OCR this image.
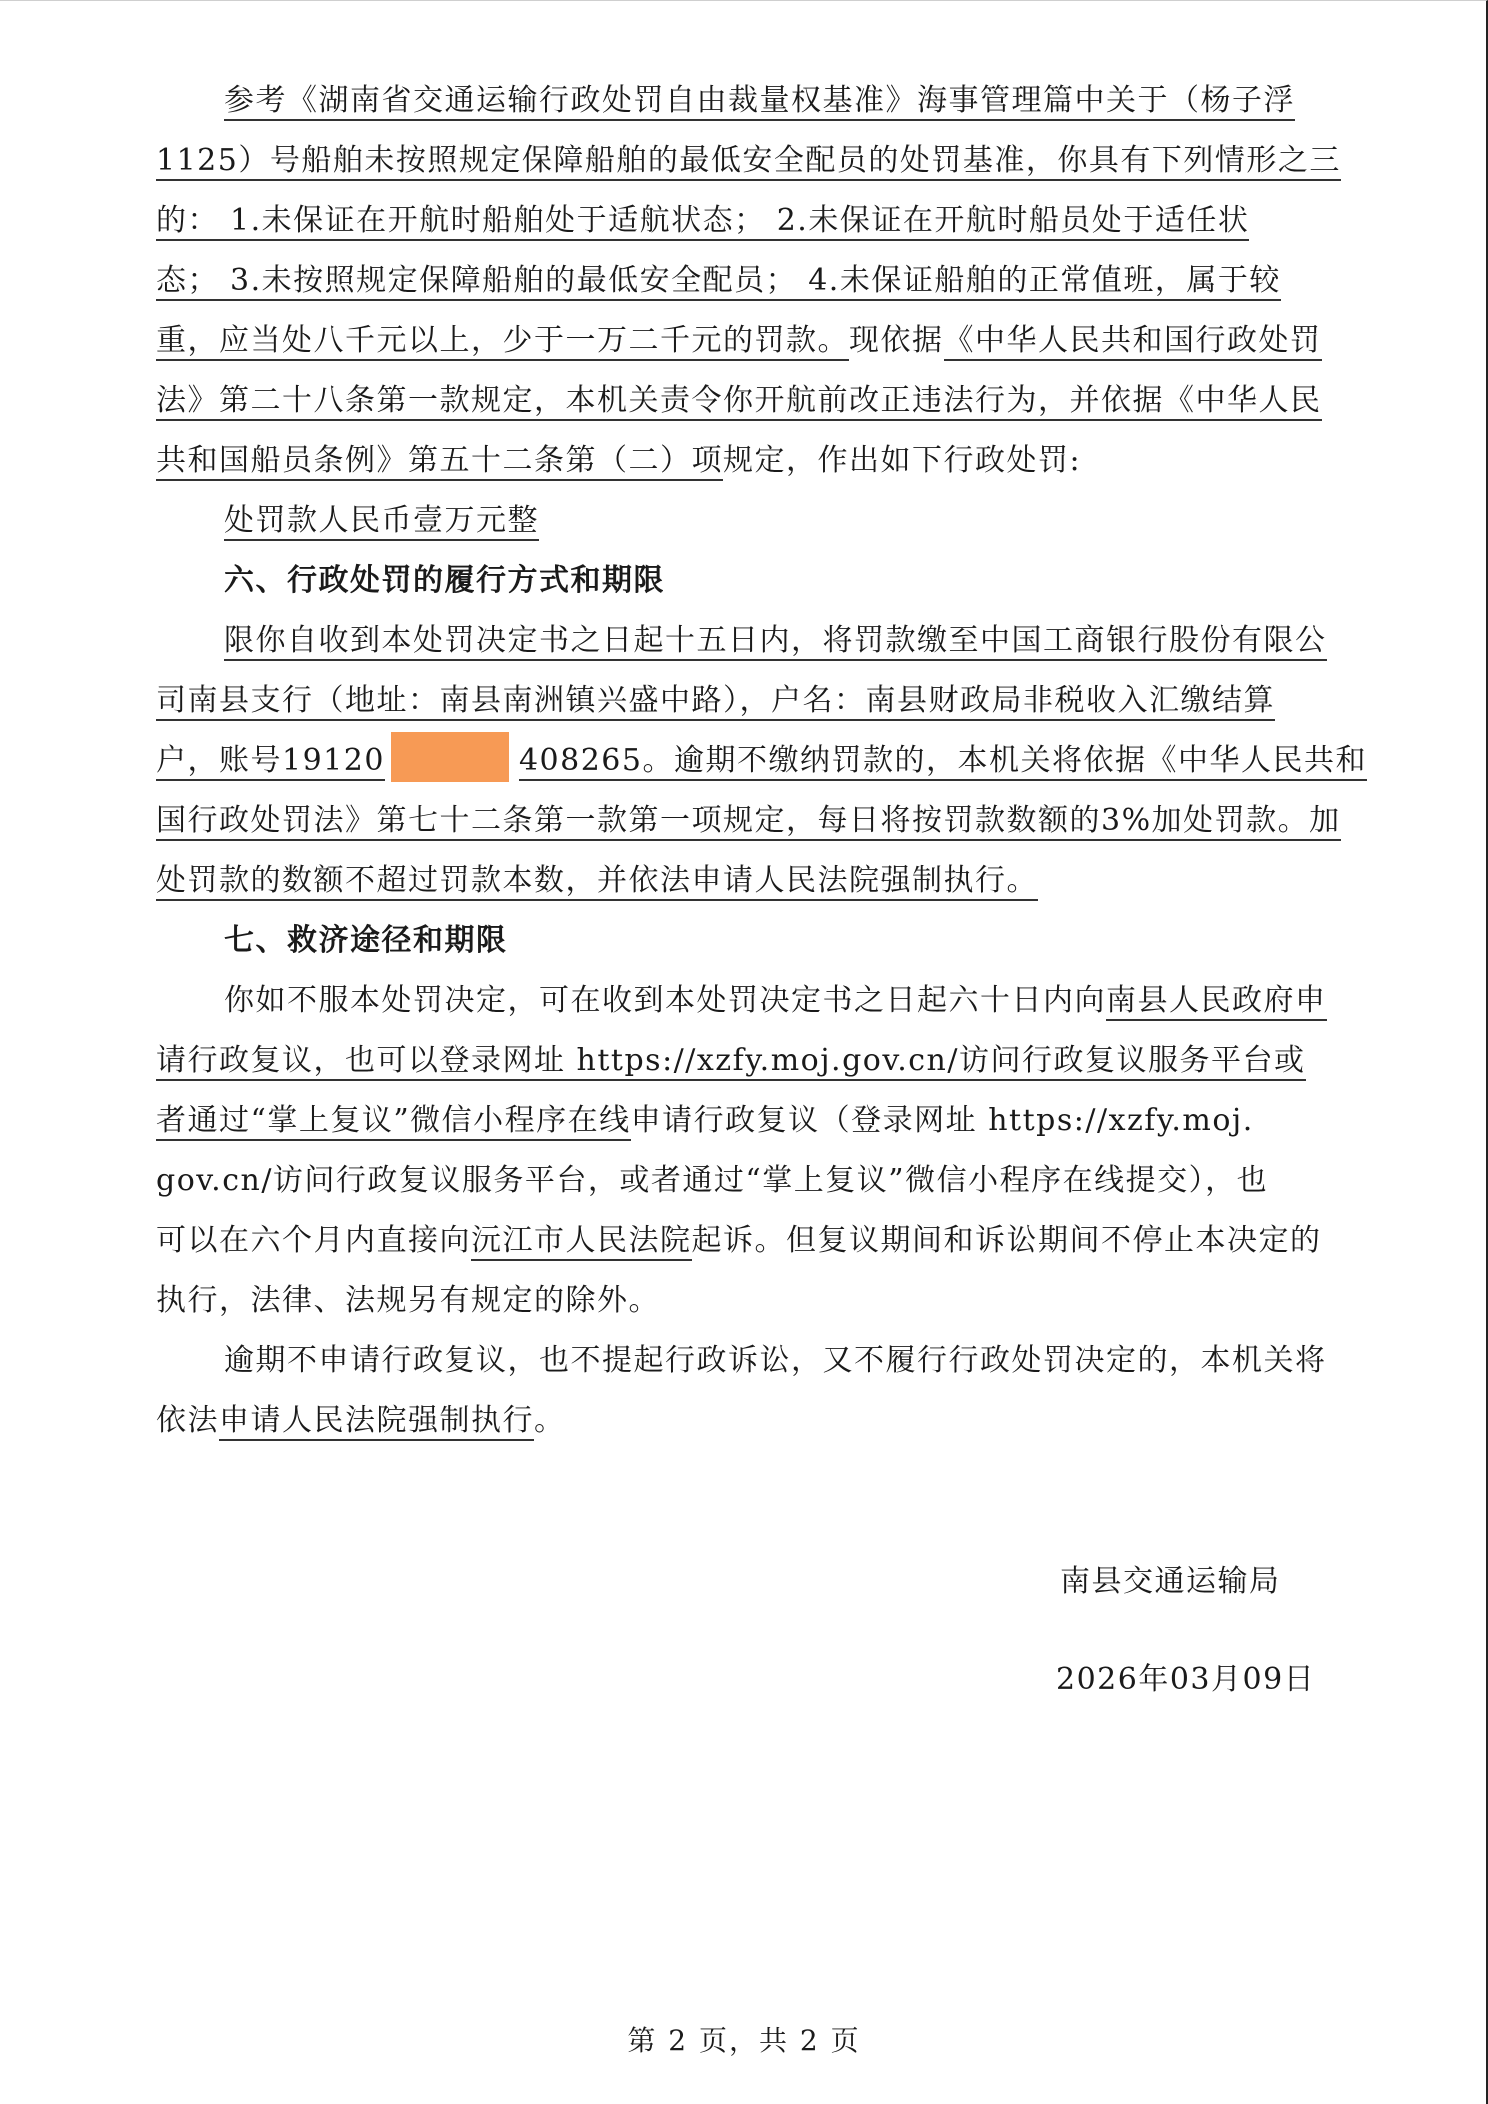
参考《湖南省交通运输行政处罚自由裁量权基准》海事管理篇中关于（杨子浮
1125）号船舶未按照规定保障船舶的最低安全配员的处罚基准，你具有下列情形之三
的： 1.未保证在开航时船舶处于适航状态； 2.未保证在开航时船员处于适任状
态； 3.未按照规定保障船舶的最低安全配员； 4.未保证船舶的正常值班，属于较
重，应当处八千元以上，少于一万二千元的罚款。现依据《中华人民共和国行政处罚
法》第二十八条第一款规定，本机关责令你开航前改正违法行为，并依据《中华人民
共和国船员条例》第五十二条第（二）项规定，作出如下行政处罚:
处罚款人民币壹万元整
六、行政处罚的履行方式和期限
限你自收到本处罚决定书之日起十五日内，将罚款缴至中国工商银行股份有限公
司南县支行（地址：南县南洲镇兴盛中路），户名：南县财政局非税收入汇缴结算
户，账号19120	408265。逾期不缴纳罚款的，本机关将依据《中华人民共和
国行政处罚法》第七十二条第一款第一项规定，每日将按罚款数额的3%加处罚款。加
处罚款的数额不超过罚款本数，并依法申请人民法院强制执行。
七、救济途径和期限
你如不服本处罚决定，可在收到本处罚决定书之日起六十日内向南县人民政府申
请行政复议，也可以登录网址 https://xzfy.moj.gov.cn/访问行政复议服务平台或
者通过“掌上复议”微信小程序在线申请行政复议（登录网址 https://xzfy.moj.
gov.cn/访问行政复议服务平台，或者通过“掌上复议”微信小程序在线提交），也
可以在六个月内直接向沅江市人民法院起诉。但复议期间和诉讼期间不停止本决定的
执行，法律、法规另有规定的除外。
逾期不申请行政复议，也不提起行政诉讼，又不履行行政处罚决定的，本机关将
依法申请人民法院强制执行。
南县交通运输局
2026年03月09日
第 2 页，共 2 页
